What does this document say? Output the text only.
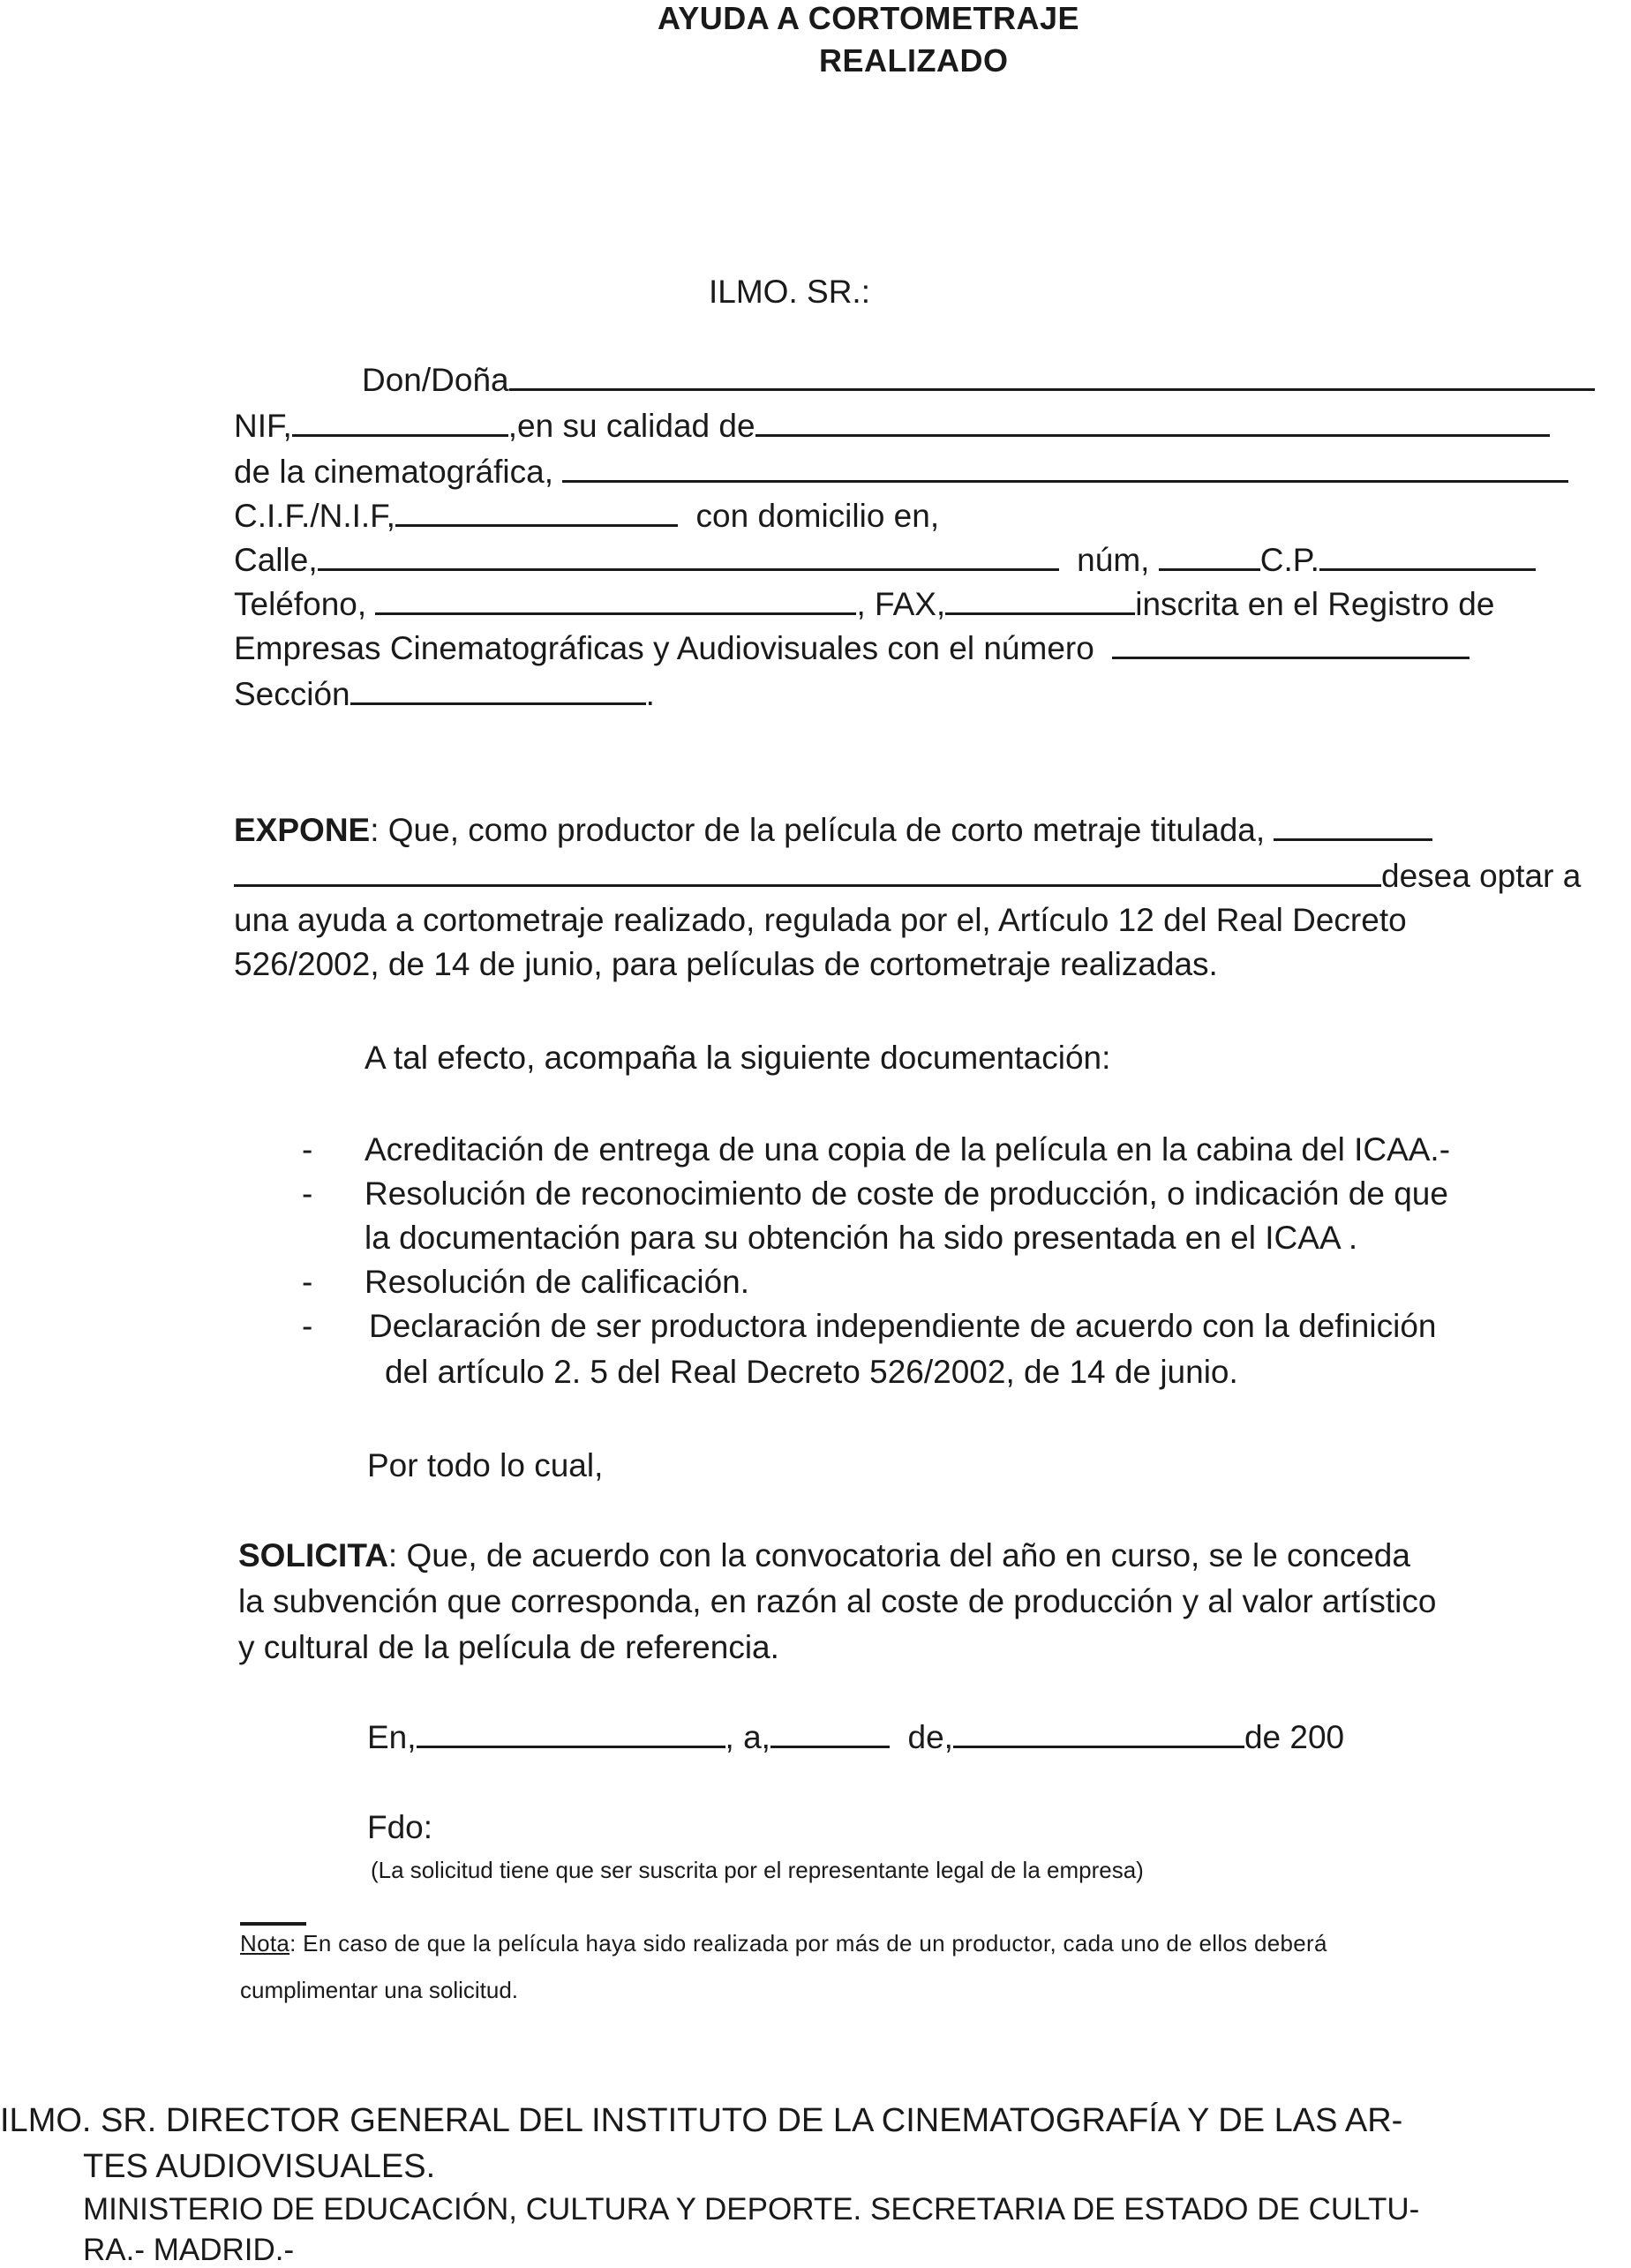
AYUDA A CORTOMETRAJE
REALIZADO
ILMO. SR.:
Don/Doña
NIF,	,en su calidad de
de la cinematográfica,
C.I.F./N.I.F,	con domicilio en,
Calle,	núm,	C.P.
Teléfono,	, FAX,	inscrita en el Registro de
Empresas Cinematográficas y Audiovisuales con el número
Sección	.
EXPONE: Que, como productor de la película de corto metraje titulada,
desea optar a
una ayuda a cortometraje realizado, regulada por el, Artículo 12 del Real Decreto
526/2002, de 14 de junio, para películas de cortometraje realizadas.
A tal efecto, acompaña la siguiente documentación:
- Acreditación de entrega de una copia de la película en la cabina del ICAA.-
- Resolución de reconocimiento de coste de producción, o indicación de que
la documentación para su obtención ha sido presentada en el ICAA .
- Resolución de calificación.
- Declaración de ser productora independiente de acuerdo con la definición
del artículo 2. 5 del Real Decreto 526/2002, de 14 de junio.
Por todo lo cual,
SOLICITA: Que, de acuerdo con la convocatoria del año en curso, se le conceda
la subvención que corresponda, en razón al coste de producción y al valor artístico
y cultural de la película de referencia.
En,	, a,	de,	de 200
Fdo:
(La solicitud tiene que ser suscrita por el representante legal de la empresa)
Nota: En caso de que la película haya sido realizada por más de un productor, cada uno de ellos deberá
cumplimentar una solicitud.
ILMO. SR. DIRECTOR GENERAL DEL INSTITUTO DE LA CINEMATOGRAFÍA Y DE LAS AR-
TES AUDIOVISUALES.
MINISTERIO DE EDUCACIÓN, CULTURA Y DEPORTE. SECRETARIA DE ESTADO DE CULTU-
RA.- MADRID.-
